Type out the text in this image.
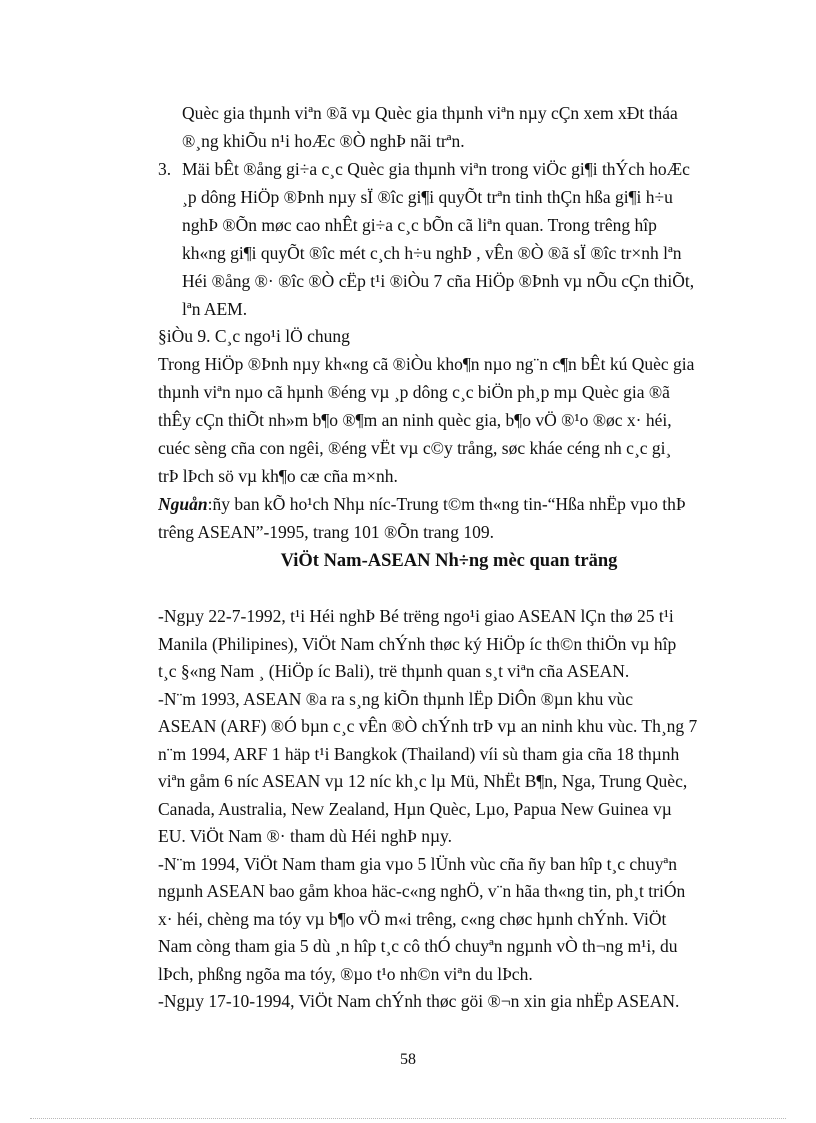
Quèc gia thµnh viªn ®ã vµ Quèc gia thµnh viªn nµy cÇn xem xÐt tháa
®¸ng khiÕu n¹i hoÆc ®Ò nghÞ nãi trªn.
3. Mäi bÊt ®ång gi÷a c¸c Quèc gia thµnh viªn trong viÖc gi¶i thÝch hoÆc
¸p dông HiÖp ®Þnh nµy sÏ ®îc gi¶i quyÕt trªn tinh thÇn hßa gi¶i h÷u
nghÞ ®Õn møc cao nhÊt gi÷a c¸c bÕn cã liªn quan. Trong trêng hîp
kh«ng gi¶i quyÕt ®îc mét c¸ch h÷u nghÞ , vÊn ®Ò ®ã sÏ ®îc tr×nh lªn
Héi ®ång ®· ®îc ®Ò cËp t¹i ®iÒu 7 cña HiÖp ®Þnh vµ nÕu cÇn thiÕt,
lªn AEM.
§iÒu 9. C¸c ngo¹i lÖ chung
Trong HiÖp ®Þnh nµy kh«ng cã ®iÒu kho¶n nµo ng¨n c¶n bÊt kú Quèc gia
thµnh viªn nµo cã hµnh ®éng vµ ¸p dông c¸c biÖn ph¸p mµ Quèc gia ®ã
thÊy cÇn thiÕt nh»m b¶o ®¶m an ninh quèc gia, b¶o vÖ ®¹o ®øc x· héi,
cuéc sèng cña con ngêi, ®éng vËt vµ c©y trång, søc kháe céng nh c¸c gi¸
trÞ lÞch sö vµ kh¶o cæ cña m×nh.
Nguån:ñy ban kÕ ho¹ch Nhµ níc-Trung t©m th«ng tin-“Hßa nhËp vµo thÞ
trêng ASEAN”-1995, trang 101 ®Õn trang 109.
ViÖt Nam-ASEAN Nh÷ng mèc quan träng
-Ngµy 22-7-1992, t¹i Héi nghÞ Bé trëng ngo¹i giao ASEAN lÇn thø 25 t¹i
Manila (Philipines), ViÖt Nam chÝnh thøc ký HiÖp íc th©n thiÖn vµ hîp
t¸c §«ng Nam ¸ (HiÖp íc Bali), trë thµnh quan s¸t viªn cña ASEAN.
-N¨m 1993, ASEAN ®a ra s¸ng kiÕn thµnh lËp DiÔn ®µn khu vùc
ASEAN (ARF) ®Ó bµn c¸c vÊn ®Ò chÝnh trÞ vµ an ninh khu vùc. Th¸ng 7
n¨m 1994, ARF 1 häp t¹i Bangkok (Thailand) víi sù tham gia cña 18 thµnh
viªn gåm 6 níc ASEAN vµ 12 níc kh¸c lµ Mü, NhËt B¶n, Nga, Trung Quèc,
Canada, Australia, New Zealand, Hµn Quèc, Lµo, Papua New Guinea vµ
EU. ViÖt Nam ®· tham dù Héi nghÞ nµy.
-N¨m 1994, ViÖt Nam tham gia vµo 5 lÜnh vùc cña ñy ban hîp t¸c chuyªn
ngµnh ASEAN bao gåm khoa häc-c«ng nghÖ, v¨n hãa th«ng tin, ph¸t triÓn
x· héi, chèng ma tóy vµ b¶o vÖ m«i trêng, c«ng chøc hµnh chÝnh. ViÖt
Nam còng tham gia 5 dù ¸n hîp t¸c cô thÓ chuyªn ngµnh vÒ th¬ng m¹i, du
lÞch, phßng ngõa ma tóy, ®µo t¹o nh©n viªn du lÞch.
-Ngµy 17-10-1994, ViÖt Nam chÝnh thøc göi ®¬n xin gia nhËp ASEAN.
58
